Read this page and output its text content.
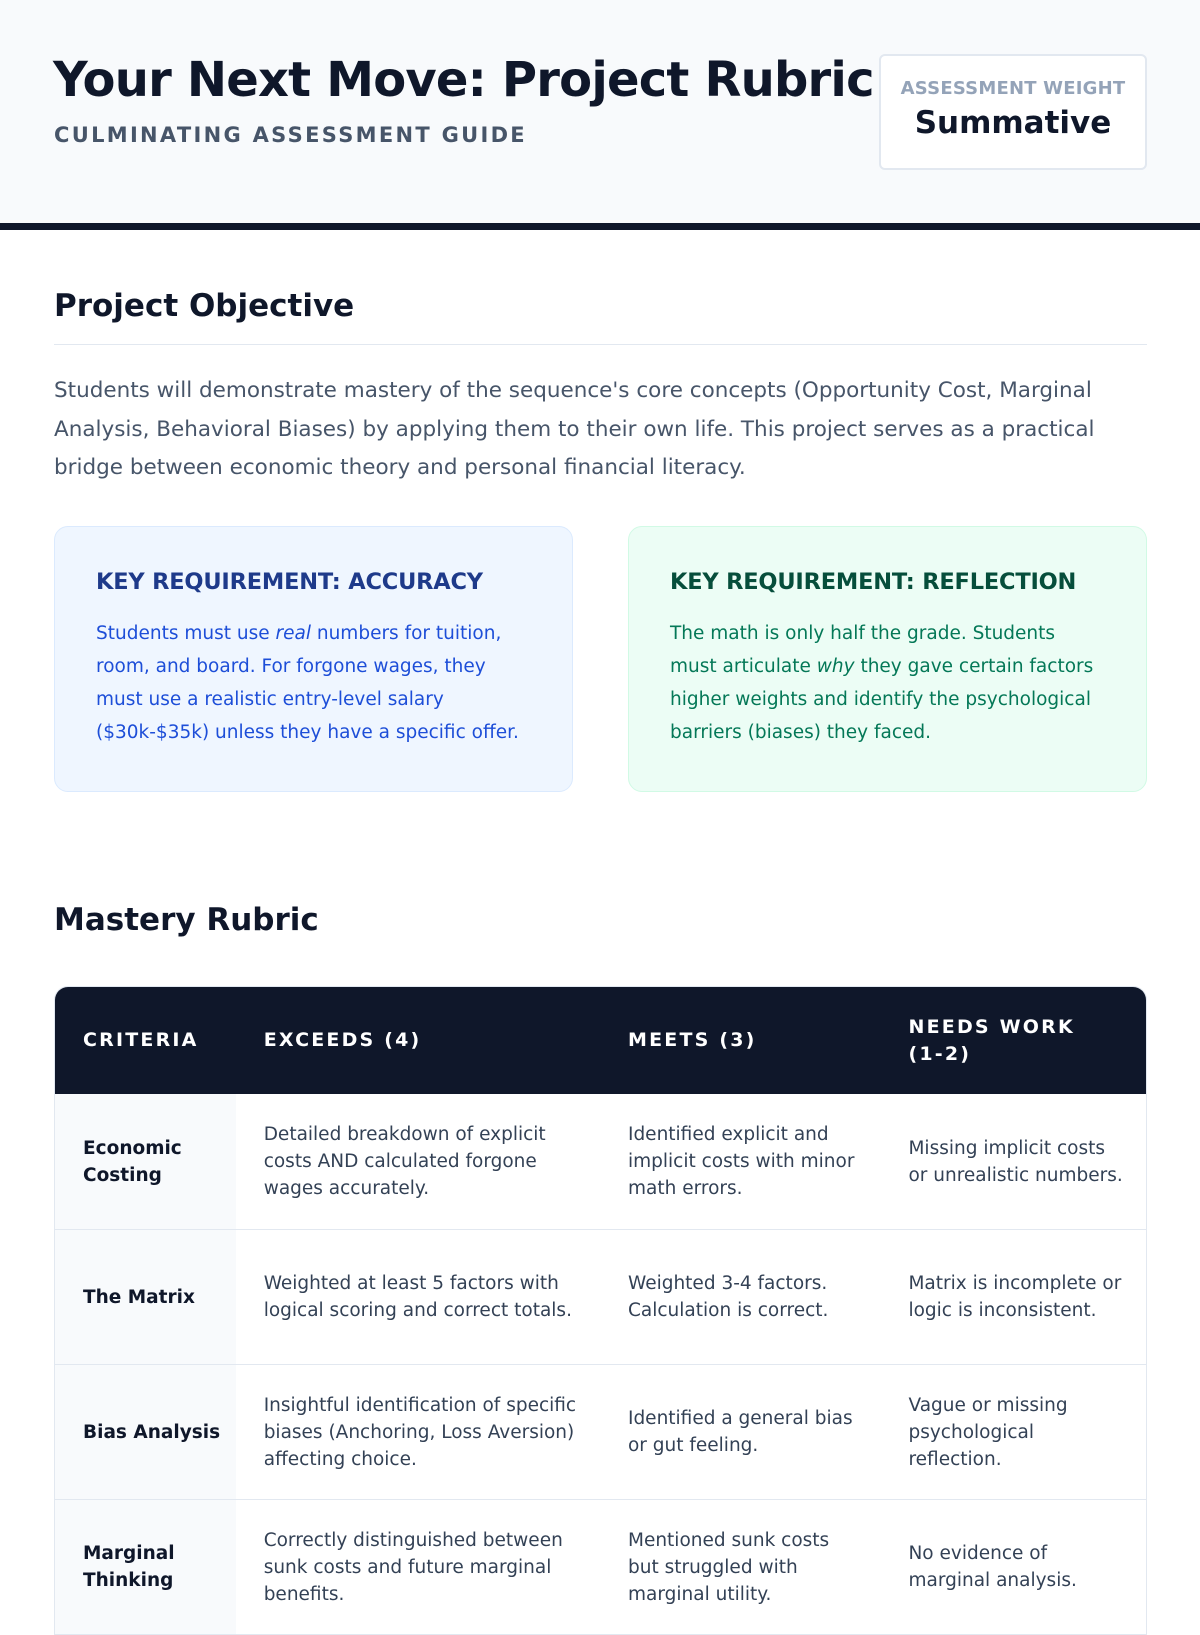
Your Next Move: Project Rubric
CULMINATING ASSESSMENT GUIDE
ASSESSMENT WEIGHT
Summative
Project Objective

Students will demonstrate mastery of the sequence's core concepts (Opportunity Cost, Marginal Analysis, Behavioral Biases) by applying them to their own life. This project serves as a practical bridge between economic theory and personal financial literacy.

KEY REQUIREMENT: ACCURACY

Students must use real numbers for tuition, room, and board. For forgone wages, they must use a realistic entry-level salary ($30k-$35k) unless they have a specific offer.

KEY REQUIREMENT: REFLECTION

The math is only half the grade. Students must articulate why they gave certain factors higher weights and identify the psychological barriers (biases) they faced.

Mastery Rubric
CRITERIA	EXCEEDS (4)	MEETS (3)
NEEDS WORK (1-2)
Economic Costing
Detailed breakdown of explicit costs AND calculated forgone wages accurately.
Identified explicit and implicit costs with minor math errors.
Missing implicit costs or unrealistic numbers.
The Matrix
Weighted at least 5 factors with logical scoring and correct totals.
Weighted 3-4 factors. Calculation is correct.
Matrix is incomplete or logic is inconsistent.
Bias Analysis
Insightful identification of specific biases (Anchoring, Loss Aversion) affecting choice.
Identified a general bias or gut feeling.
Vague or missing psychological reflection.
Marginal Thinking
Correctly distinguished between sunk costs and future marginal benefits.
Mentioned sunk costs but struggled with marginal utility.
No evidence of marginal analysis.
